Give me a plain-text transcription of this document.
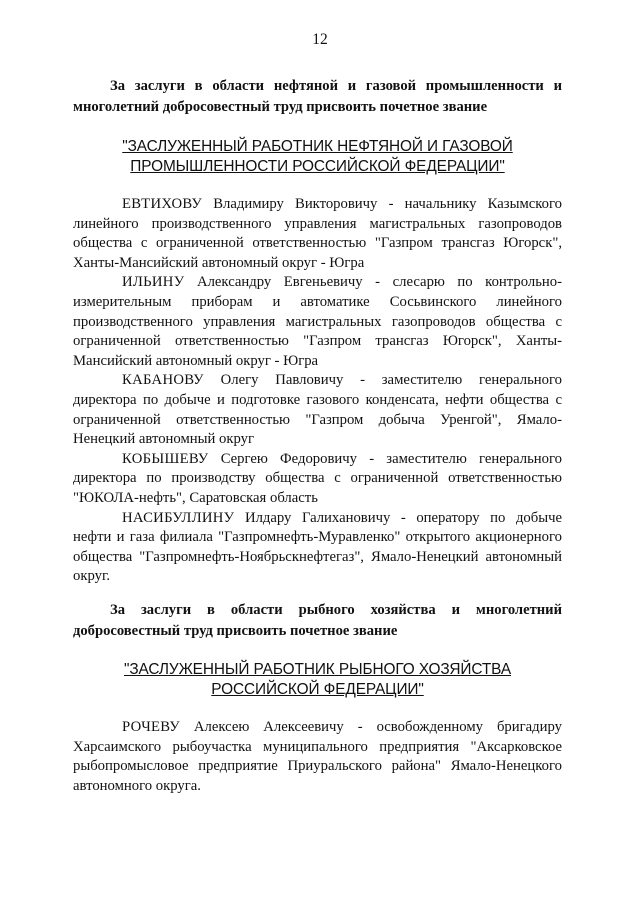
12
За заслуги в области нефтяной и газовой промышленности и многолетний добросовестный труд присвоить почетное звание
"ЗАСЛУЖЕННЫЙ РАБОТНИК НЕФТЯНОЙ И ГАЗОВОЙ ПРОМЫШЛЕННОСТИ РОССИЙСКОЙ ФЕДЕРАЦИИ"

ЕВТИХОВУ Владимиру Викторовичу - начальнику Казымского линейного производственного управления магистральных газопроводов общества с ограниченной ответственностью "Газпром трансгаз Югорск", Ханты-Мансийский автономный округ - Югра

ИЛЬИНУ Александру Евгеньевичу - слесарю по контрольно-измерительным приборам и автоматике Сосьвинского линейного производственного управления магистральных газопроводов общества с ограниченной ответственностью "Газпром трансгаз Югорск", Ханты-Мансийский автономный округ - Югра

КАБАНОВУ Олегу Павловичу - заместителю генерального директора по добыче и подготовке газового конденсата, нефти общества с ограниченной ответственностью "Газпром добыча Уренгой", Ямало-Ненецкий автономный округ

КОБЫШЕВУ Сергею Федоровичу - заместителю генерального директора по производству общества с ограниченной ответственностью "ЮКОЛА-нефть", Саратовская область

НАСИБУЛЛИНУ Илдару Галихановичу - оператору по добыче нефти и газа филиала "Газпромнефть-Муравленко" открытого акционерного общества "Газпромнефть-Ноябрьскнефтегаз", Ямало-Ненецкий автономный округ.

За заслуги в области рыбного хозяйства и многолетний добросовестный труд присвоить почетное звание
"ЗАСЛУЖЕННЫЙ РАБОТНИК РЫБНОГО ХОЗЯЙСТВА РОССИЙСКОЙ ФЕДЕРАЦИИ"

РОЧЕВУ Алексею Алексеевичу - освобожденному бригадиру Харсаимского рыбоучастка муниципального предприятия "Аксарковское рыбопромысловое предприятие Приуральского района" Ямало-Ненецкого автономного округа.
